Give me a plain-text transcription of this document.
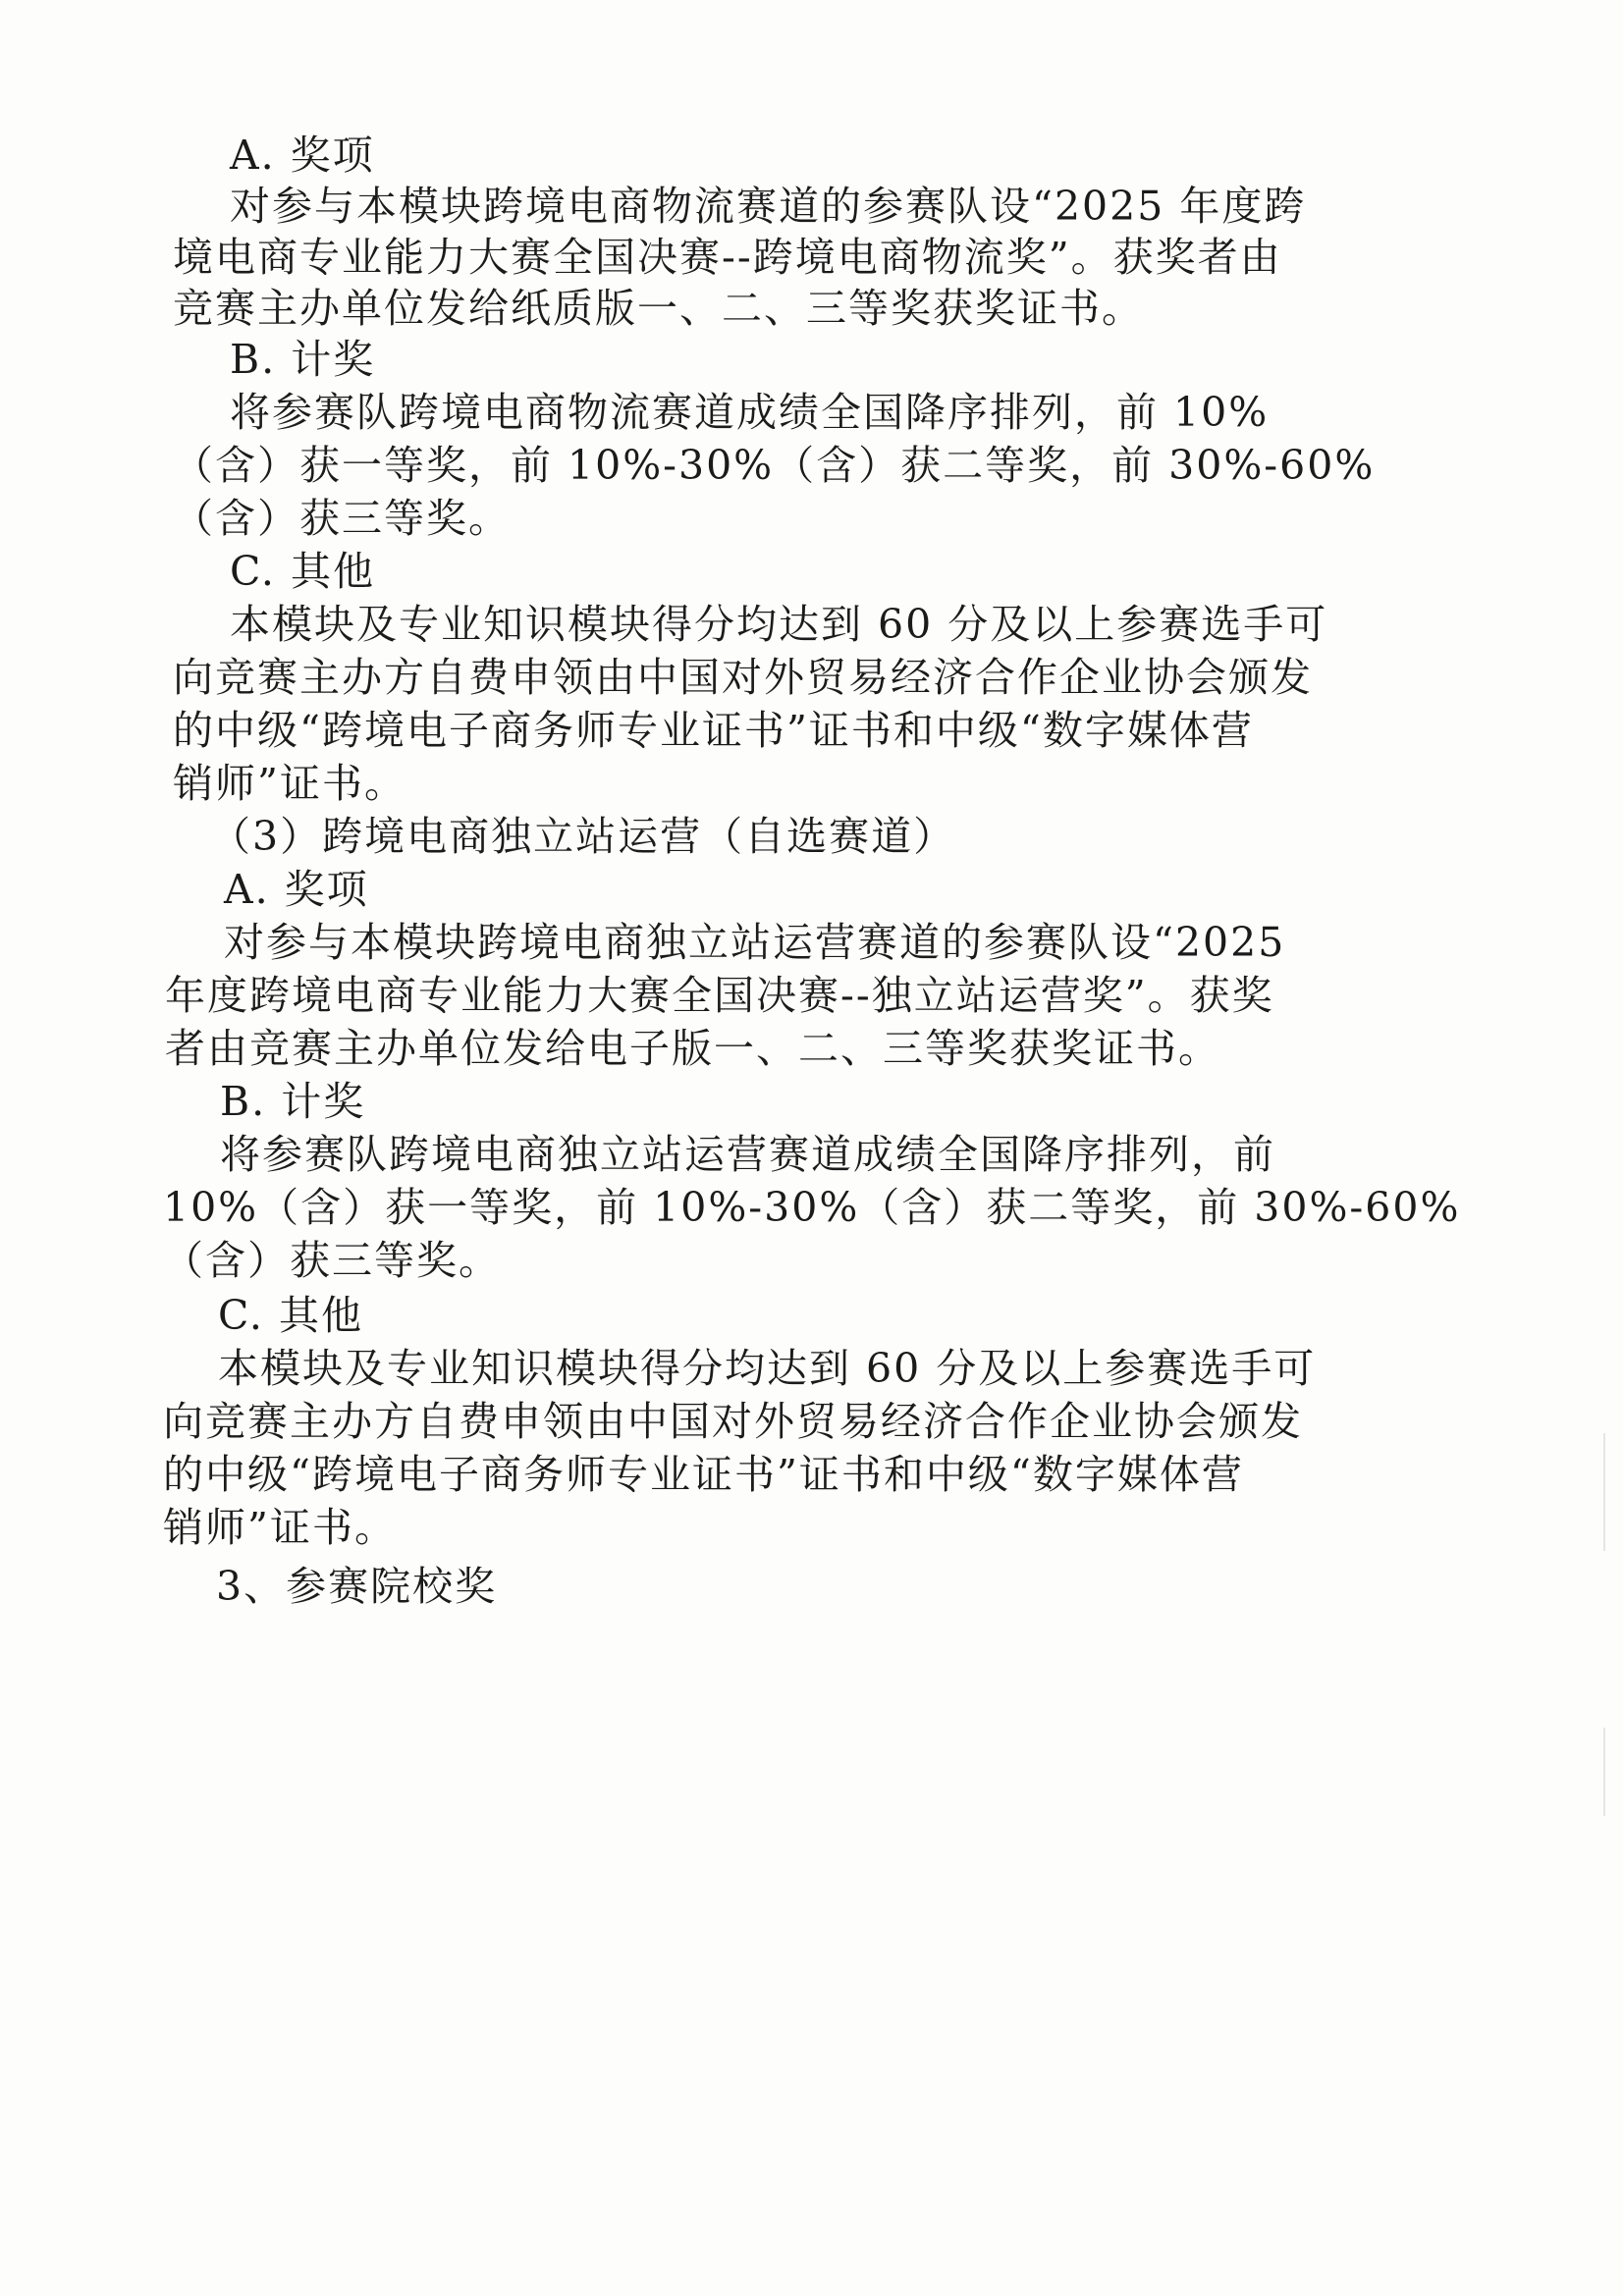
A. 奖项
对参与本模块跨境电商物流赛道的参赛队设“2025 年度跨
境电商专业能力大赛全国决赛--跨境电商物流奖”。获奖者由
竞赛主办单位发给纸质版一、二、三等奖获奖证书。
B. 计奖
将参赛队跨境电商物流赛道成绩全国降序排列，前 10%
（含）获一等奖，前 10%-30%（含）获二等奖，前 30%-60%
（含）获三等奖。
C. 其他
本模块及专业知识模块得分均达到 60 分及以上参赛选手可
向竞赛主办方自费申领由中国对外贸易经济合作企业协会颁发
的中级“跨境电子商务师专业证书”证书和中级“数字媒体营
销师”证书。
（3）跨境电商独立站运营（自选赛道）
A. 奖项
对参与本模块跨境电商独立站运营赛道的参赛队设“2025
年度跨境电商专业能力大赛全国决赛--独立站运营奖”。获奖
者由竞赛主办单位发给电子版一、二、三等奖获奖证书。
B. 计奖
将参赛队跨境电商独立站运营赛道成绩全国降序排列，前
10%（含）获一等奖，前 10%-30%（含）获二等奖，前 30%-60%
（含）获三等奖。
C. 其他
本模块及专业知识模块得分均达到 60 分及以上参赛选手可
向竞赛主办方自费申领由中国对外贸易经济合作企业协会颁发
的中级“跨境电子商务师专业证书”证书和中级“数字媒体营
销师”证书。
3、参赛院校奖
